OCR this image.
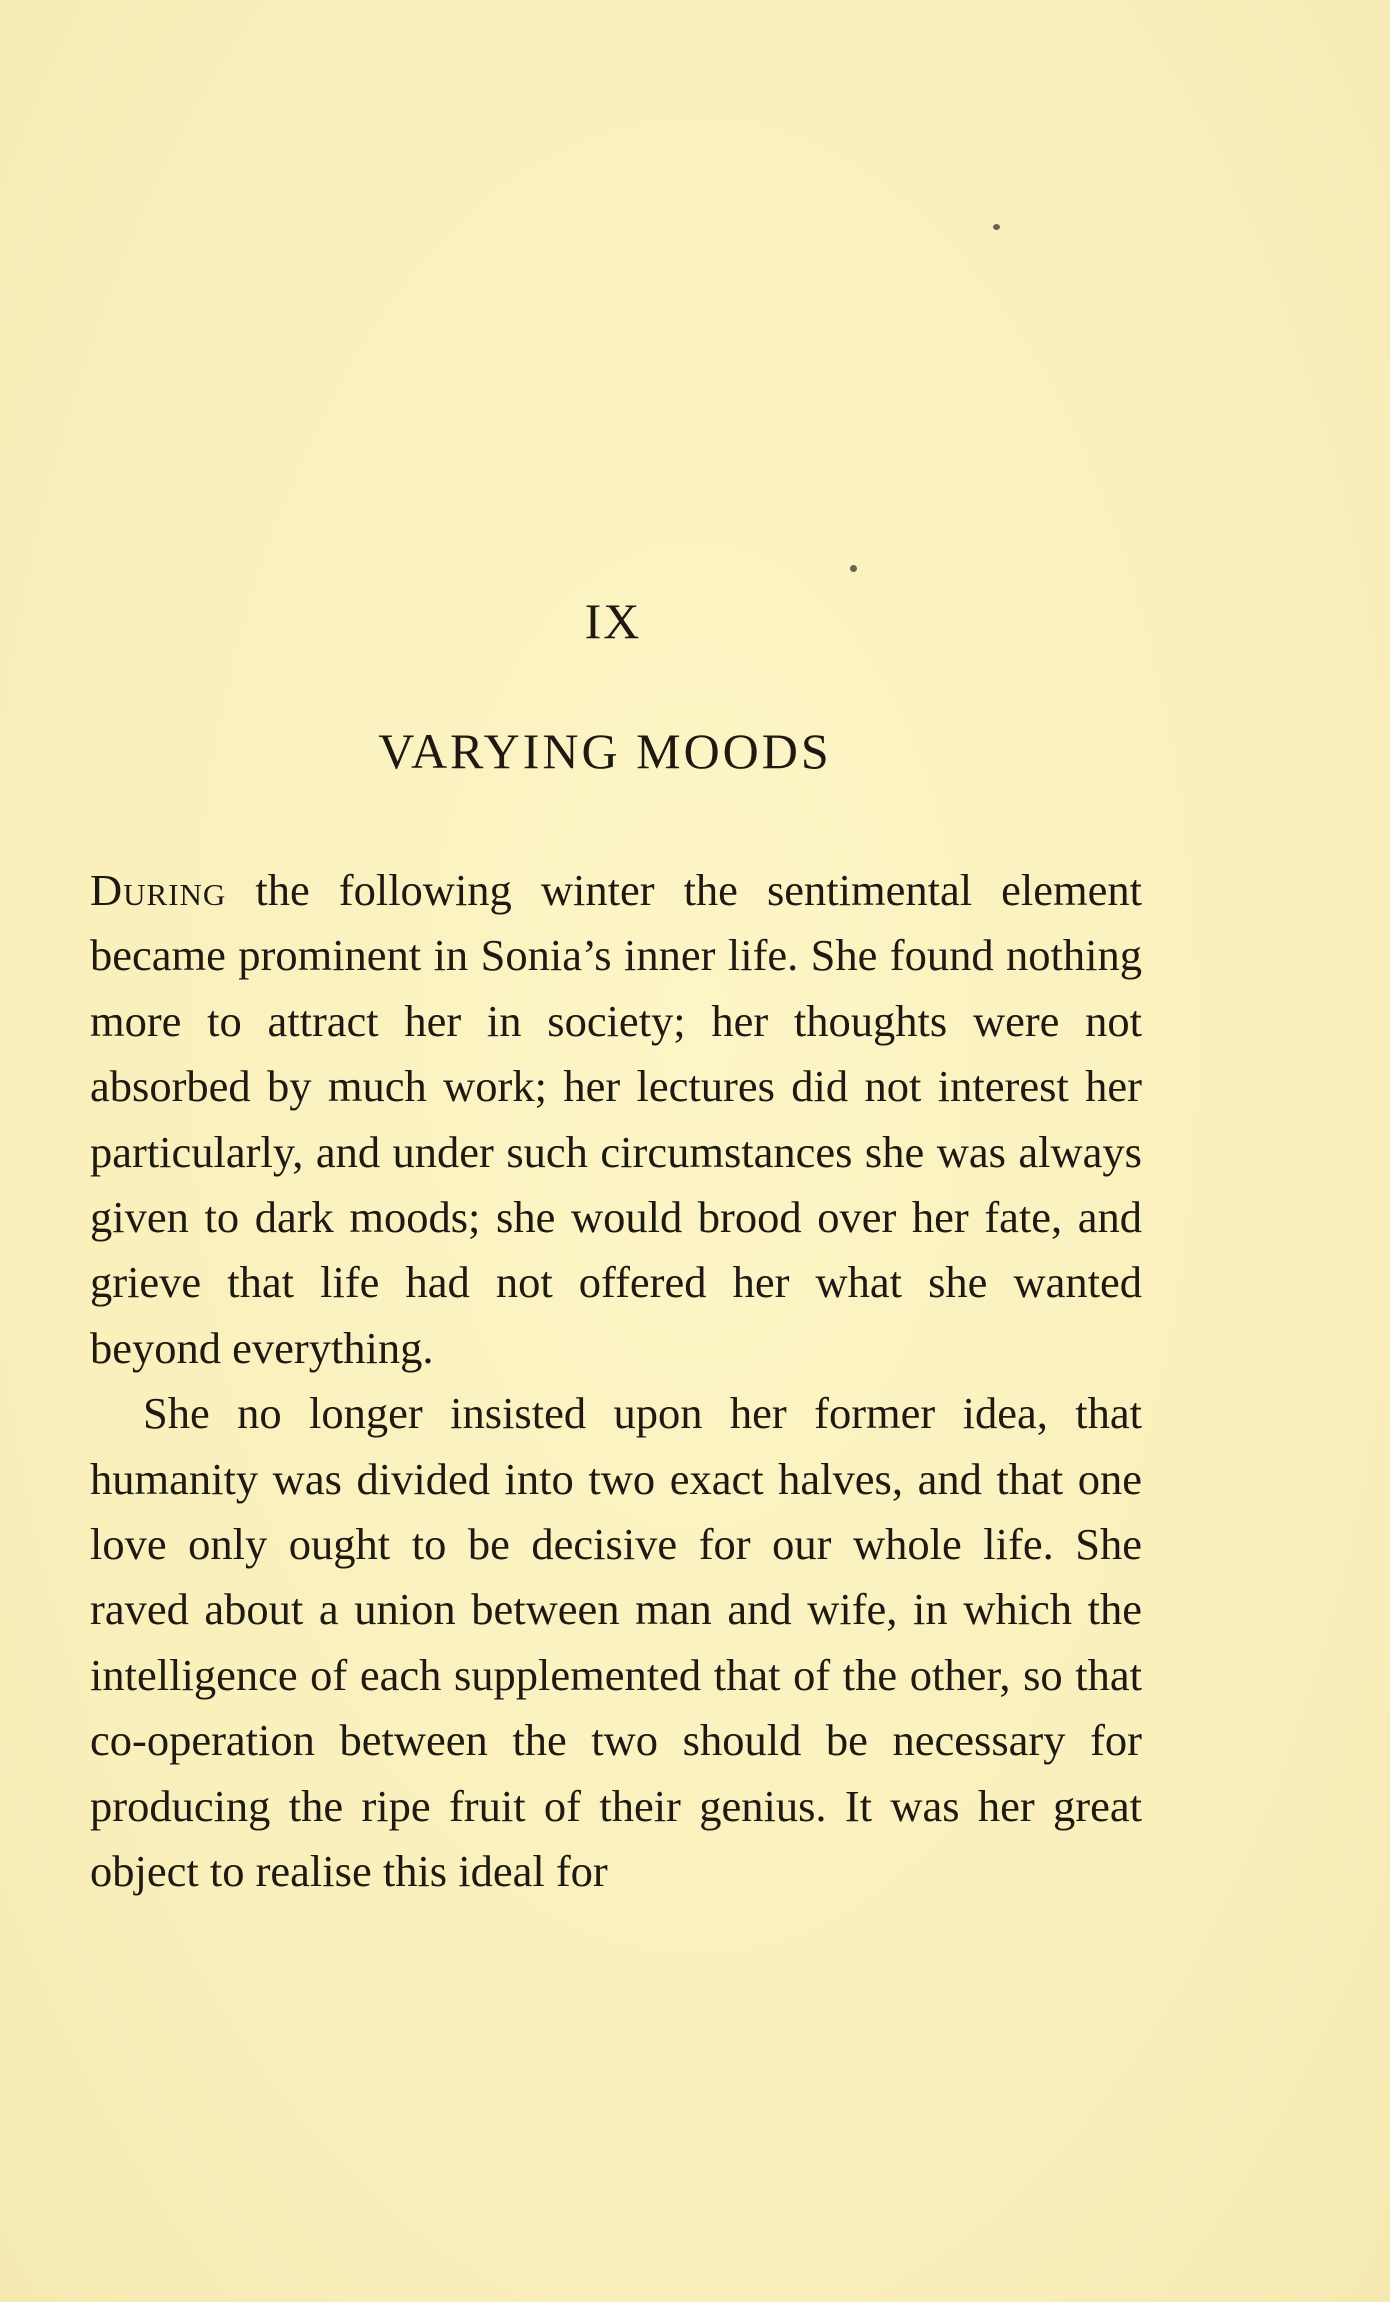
IX
VARYING MOODS

During the following winter the sentimental element became prominent in Sonia’s inner life. She found nothing more to attract her in society; her thoughts were not absorbed by much work; her lectures did not interest her particularly, and under such circumstances she was always given to dark moods; she would brood over her fate, and grieve that life had not offered her what she wanted beyond everything.

She no longer insisted upon her former idea, that humanity was divided into two exact halves, and that one love only ought to be decisive for our whole life. She raved about a union between man and wife, in which the intelligence of each supplemented that of the other, so that co-operation between the two should be necessary for producing the ripe fruit of their genius. It was her great object to realise this ideal for
